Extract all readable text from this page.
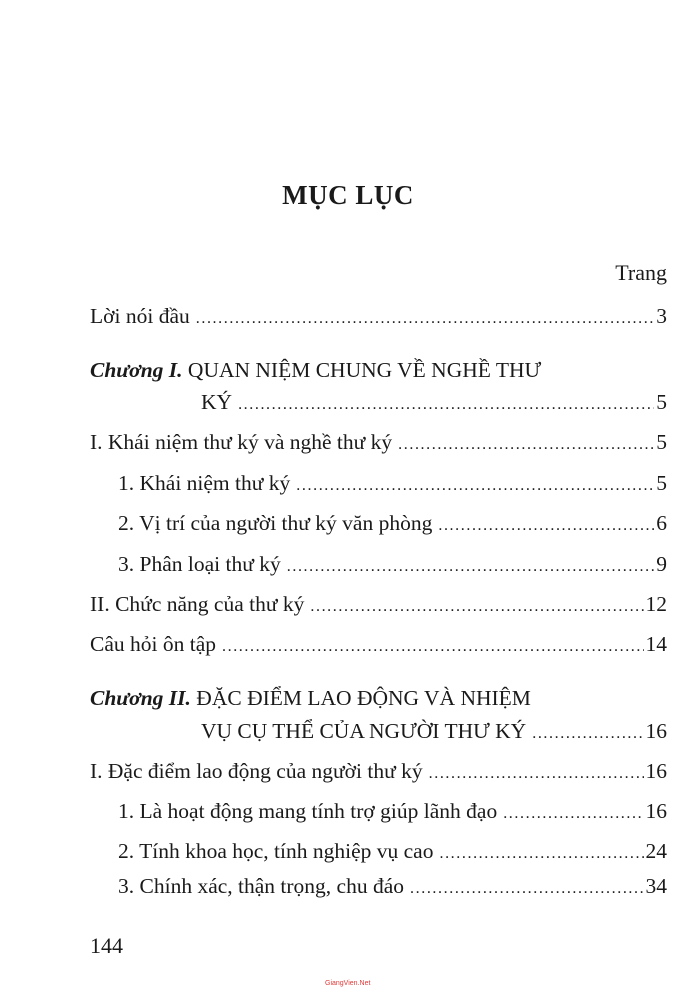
MỤC LỤC
Trang
Lời nói đầu .....	3
Chương I. QUAN NIỆM CHUNG VỀ NGHỀ THƯ
KÝ .....	5
I. Khái niệm thư ký và nghề thư ký .....	5
1. Khái niệm thư ký .....	5
2. Vị trí của người thư ký văn phòng .....	6
3. Phân loại thư ký .....	9
II. Chức năng của thư ký .....	12
Câu hỏi ôn tập .....	14
Chương II. ĐẶC ĐIỂM LAO ĐỘNG VÀ NHIỆM
VỤ CỤ THỂ CỦA NGƯỜI THƯ KÝ .....	16
I. Đặc điểm lao động của người thư ký .....	16
1. Là hoạt động mang tính trợ giúp lãnh đạo .....	16
2. Tính khoa học, tính nghiệp vụ cao .....	24
3. Chính xác, thận trọng, chu đáo .....	34
144
GiangVien.Net
